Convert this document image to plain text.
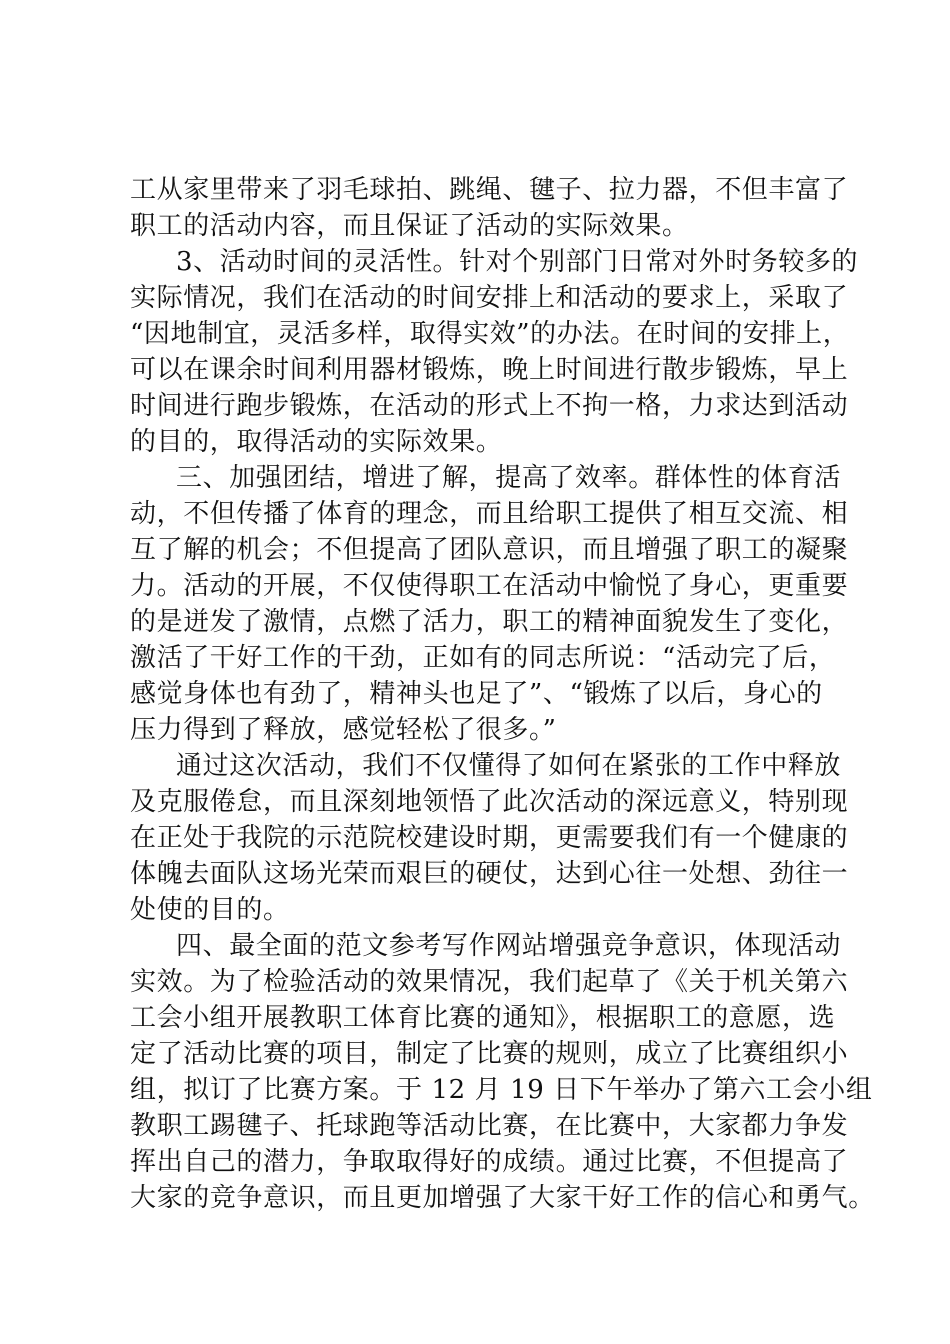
工从家里带来了羽毛球拍、跳绳、毽子、拉力器，不但丰富了
职工的活动内容，而且保证了活动的实际效果。
3、活动时间的灵活性。针对个别部门日常对外时务较多的
实际情况，我们在活动的时间安排上和活动的要求上，采取了
“因地制宜，灵活多样，取得实效”的办法。在时间的安排上，
可以在课余时间利用器材锻炼，晚上时间进行散步锻炼，早上
时间进行跑步锻炼，在活动的形式上不拘一格，力求达到活动
的目的，取得活动的实际效果。
三、加强团结，增进了解，提高了效率。群体性的体育活
动，不但传播了体育的理念，而且给职工提供了相互交流、相
互了解的机会；不但提高了团队意识，而且增强了职工的凝聚
力。活动的开展，不仅使得职工在活动中愉悦了身心，更重要
的是迸发了激情，点燃了活力，职工的精神面貌发生了变化，
激活了干好工作的干劲，正如有的同志所说：“活动完了后，
感觉身体也有劲了，精神头也足了”、“锻炼了以后，身心的
压力得到了释放，感觉轻松了很多。”
通过这次活动，我们不仅懂得了如何在紧张的工作中释放
及克服倦怠，而且深刻地领悟了此次活动的深远意义，特别现
在正处于我院的示范院校建设时期，更需要我们有一个健康的
体魄去面队这场光荣而艰巨的硬仗，达到心往一处想、劲往一
处使的目的。
四、最全面的范文参考写作网站增强竞争意识，体现活动
实效。为了检验活动的效果情况，我们起草了《关于机关第六
工会小组开展教职工体育比赛的通知》，根据职工的意愿，选
定了活动比赛的项目，制定了比赛的规则，成立了比赛组织小
组，拟订了比赛方案。于 12 月 19 日下午举办了第六工会小组
教职工踢毽子、托球跑等活动比赛，在比赛中，大家都力争发
挥出自己的潜力，争取取得好的成绩。通过比赛，不但提高了
大家的竞争意识，而且更加增强了大家干好工作的信心和勇气。
